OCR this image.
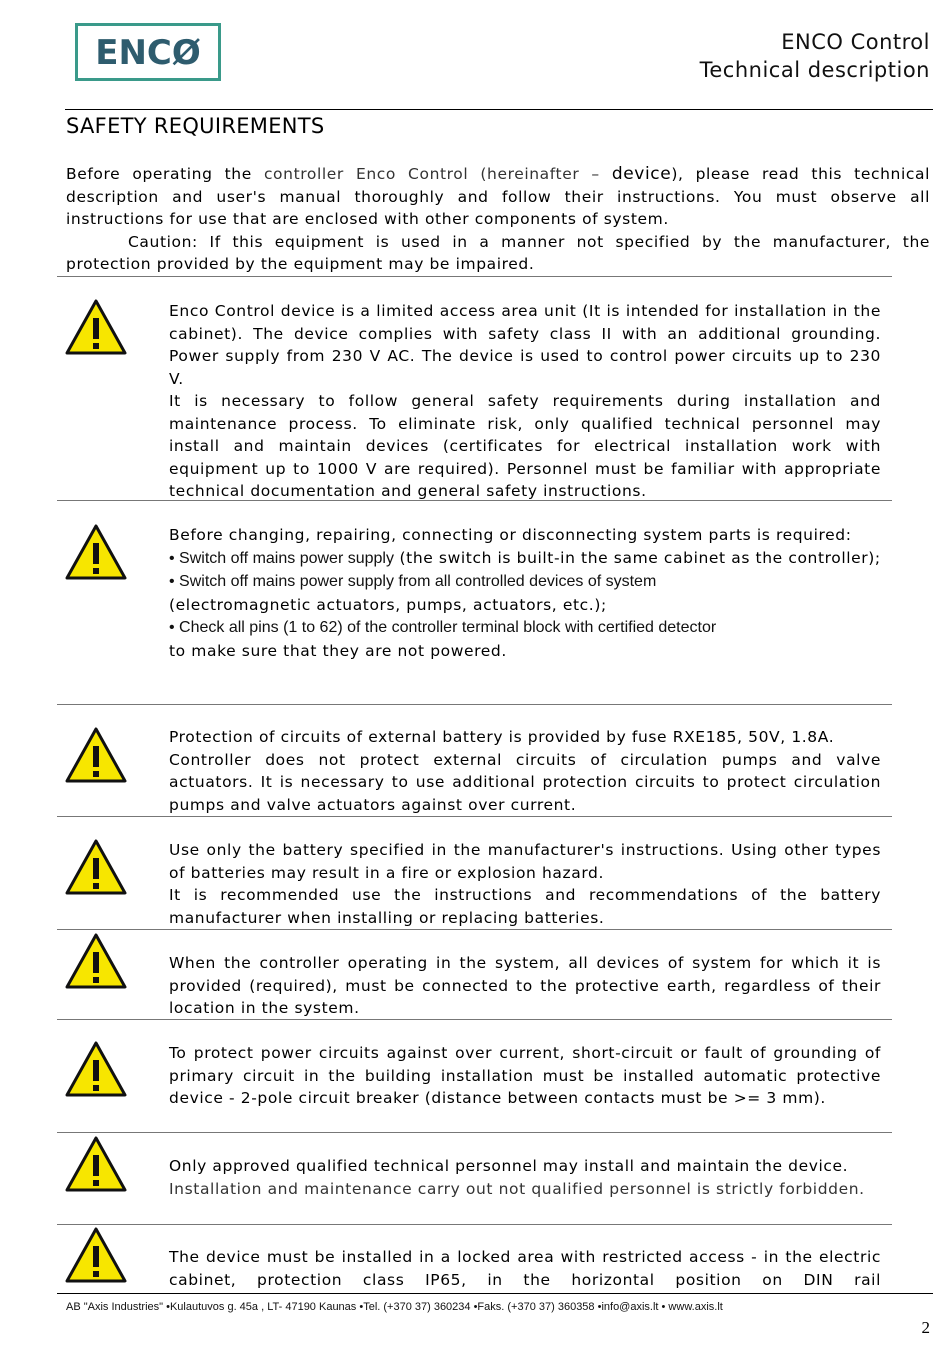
ENCØ	ENCO Control
Technical description
SAFETY REQUIREMENTS

Before operating the controller Enco Control (hereinafter – device), please read this technical description and user's manual thoroughly and follow their instructions. You must observe all instructions for use that are enclosed with other components of system.

Caution: If this equipment is used in a manner not specified by the manufacturer, the protection provided by the equipment may be impaired.

Enco Control device is a limited access area unit (It is intended for installation in the cabinet). The device complies with safety class II with an additional grounding. Power supply from 230 V AC. The device is used to control power circuits up to 230 V.

It is necessary to follow general safety requirements during installation and maintenance process. To eliminate risk, only qualified technical personnel may install and maintain devices (certificates for electrical installation work with equipment up to 1000 V are required). Personnel must be familiar with appropriate technical documentation and general safety instructions.

Before changing, repairing, connecting or disconnecting system parts is required:

• Switch off mains power supply (the switch is built-in the same cabinet as the controller);

• Switch off mains power supply from all controlled devices of system

(electromagnetic actuators, pumps, actuators, etc.);

• Check all pins (1 to 62) of the controller terminal block with certified detector

to make sure that they are not powered.

Protection of circuits of external battery is provided by fuse RXE185, 50V, 1.8A.

Controller does not protect external circuits of circulation pumps and valve actuators. It is necessary to use additional protection circuits to protect circulation pumps and valve actuators against over current.

Use only the battery specified in the manufacturer's instructions. Using other types of batteries may result in a fire or explosion hazard.

It is recommended use the instructions and recommendations of the battery manufacturer when installing or replacing batteries.

When the controller operating in the system, all devices of system for which it is provided (required), must be connected to the protective earth, regardless of their location in the system.

To protect power circuits against over current, short-circuit or fault of grounding of primary circuit in the building installation must be installed automatic protective device - 2-pole circuit breaker (distance between contacts must be >= 3 mm).

Only approved qualified technical personnel may install and maintain the device.

Installation and maintenance carry out not qualified personnel is strictly forbidden.

The device must be installed in a locked area with restricted access - in the electric cabinet, protection class IP65, in the horizontal position on DIN rail

AB "Axis Industries" •Kulautuvos g. 45a , LT- 47190 Kaunas •Tel. (+370 37) 360234 •Faks. (+370 37) 360358 •info@axis.lt • www.axis.lt
2
